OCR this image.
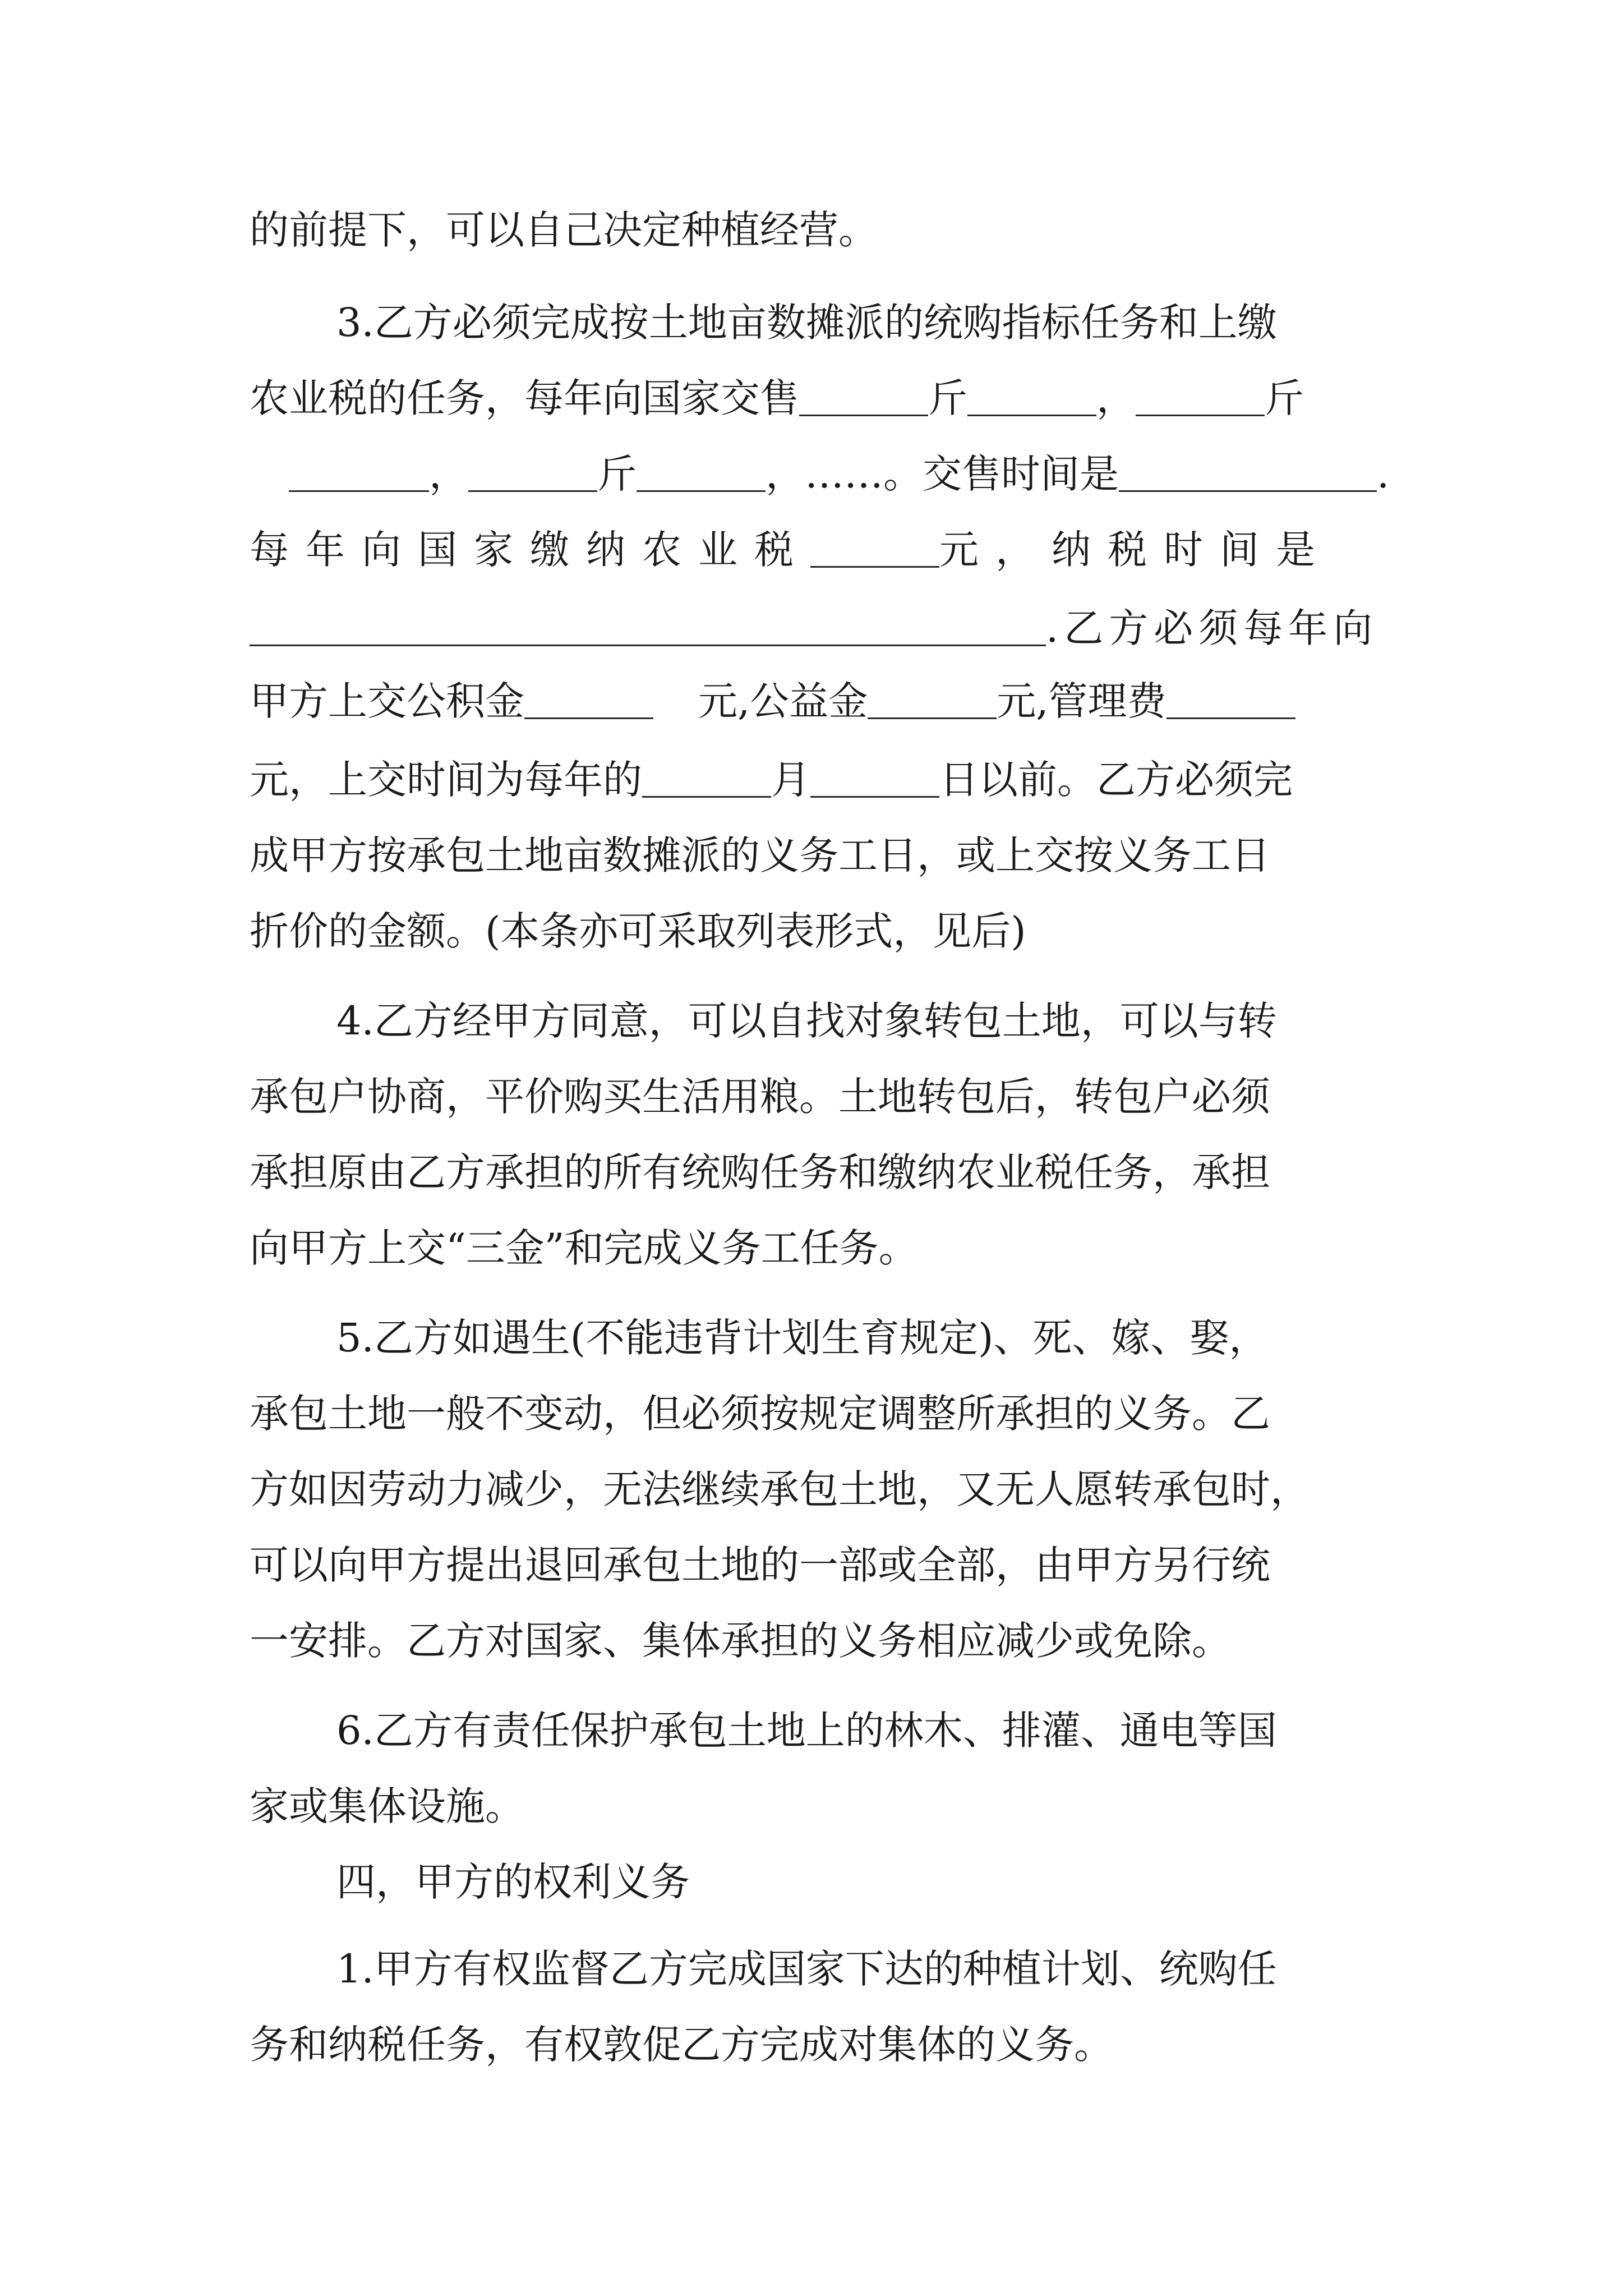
的前提下，可以自己决定种植经营。
3.乙方必须完成按土地亩数摊派的统购指标任务和上缴
农业税的任务，每年向国家交售	斤	，	斤
，	斤	，……。交售时间是	.
每年向国家缴纳农业税	元，纳税时间是
.乙方必须每年向
甲方上交公积金	元,公益金	元,管理费
元，上交时间为每年的	月	日以前。乙方必须完
成甲方按承包土地亩数摊派的义务工日，或上交按义务工日
折价的金额。(本条亦可采取列表形式，见后)
4.乙方经甲方同意，可以自找对象转包土地，可以与转
承包户协商，平价购买生活用粮。土地转包后，转包户必须
承担原由乙方承担的所有统购任务和缴纳农业税任务，承担
向甲方上交“三金”和完成义务工任务。
5.乙方如遇生(不能违背计划生育规定)、死、嫁、娶，
承包土地一般不变动，但必须按规定调整所承担的义务。乙
方如因劳动力减少，无法继续承包土地，又无人愿转承包时，
可以向甲方提出退回承包土地的一部或全部，由甲方另行统
一安排。乙方对国家、集体承担的义务相应减少或免除。
6.乙方有责任保护承包土地上的林木、排灌、通电等国
家或集体设施。
四，甲方的权利义务
1.甲方有权监督乙方完成国家下达的种植计划、统购任
务和纳税任务，有权敦促乙方完成对集体的义务。
